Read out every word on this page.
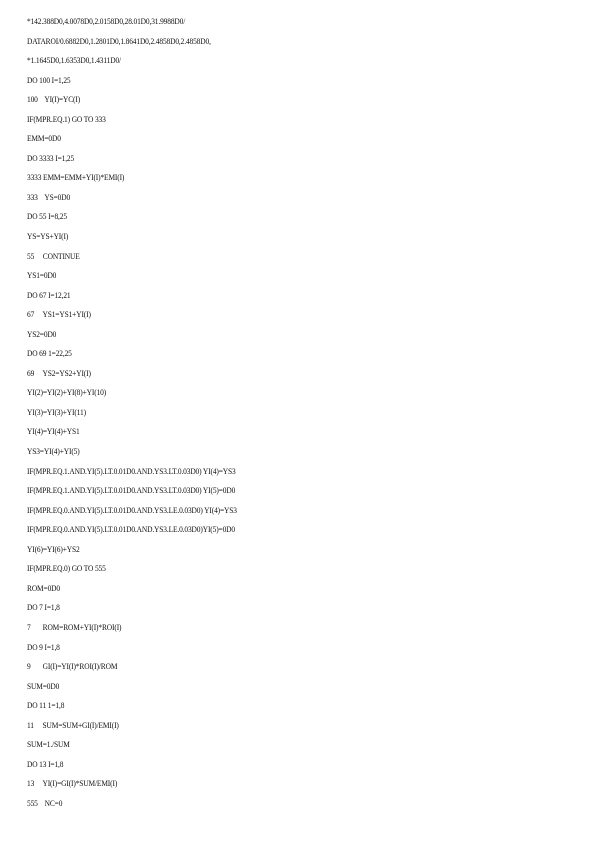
*142.388D0,4.0078D0,2.0158D0,28.01D0,31.9988D0/
DATAROI/0.6882D0,1.2801D0,1.8641D0,2.4858D0,2.4858D0,
*1.1645D0,1.6353D0,1.4311D0/
DO 100 I=1,25
100    YI(I)=YC(I)
IF(MPR.EQ.1) GO TO 333
EMM=0D0
DO 3333 I=1,25
3333 EMM=EMM+YI(I)*EMI(I)
333    YS=0D0
DO 55 I=8,25
YS=YS+YI(I)
55     CONTINUE
YS1=0D0
DO 67 I=12,21
67     YS1=YS1+YI(I)
YS2=0D0
DO 69 1=22,25
69     YS2=YS2+YI(I)
YI(2)=YI(2)+YI(8)+YI(10)
YI(3)=YI(3)+YI(11)
YI(4)=YI(4)+YS1
YS3=YI(4)+YI(5)
IF(MPR.EQ.1.AND.YI(5).LT.0.01D0.AND.YS3.LT.0.03D0) YI(4)=YS3
IF(MPR.EQ.1.AND.YI(5).LT.0.01D0.AND.YS3.LT.0.03D0) YI(5)=0D0
IF(MPR.EQ.0.AND.YI(5).LT.0.01D0.AND.YS3.LE.0.03D0) YI(4)=YS3
IF(MPR.EQ.0.AND.YI(5).LT.0.01D0.AND.YS3.LE.0.03D0)YI(5)=0D0
YI(6)=YI(6)+YS2
IF(MPR.EQ.0) GO TO 555
ROM=0D0
DO 7 I=1,8
7       ROM=ROM+YI(I)*ROI(I)
DO 9 I=1,8
9       GI(I)=YI(I)*ROI(I)/ROM
SUM=0D0
DO 11 1=1,8
11     SUM=SUM+GI(I)/EMI(I)
SUM=1./SUM
DO 13 I=1,8
13     YI(I)=GI(I)*SUM/EMI(I)
555    NC=0
